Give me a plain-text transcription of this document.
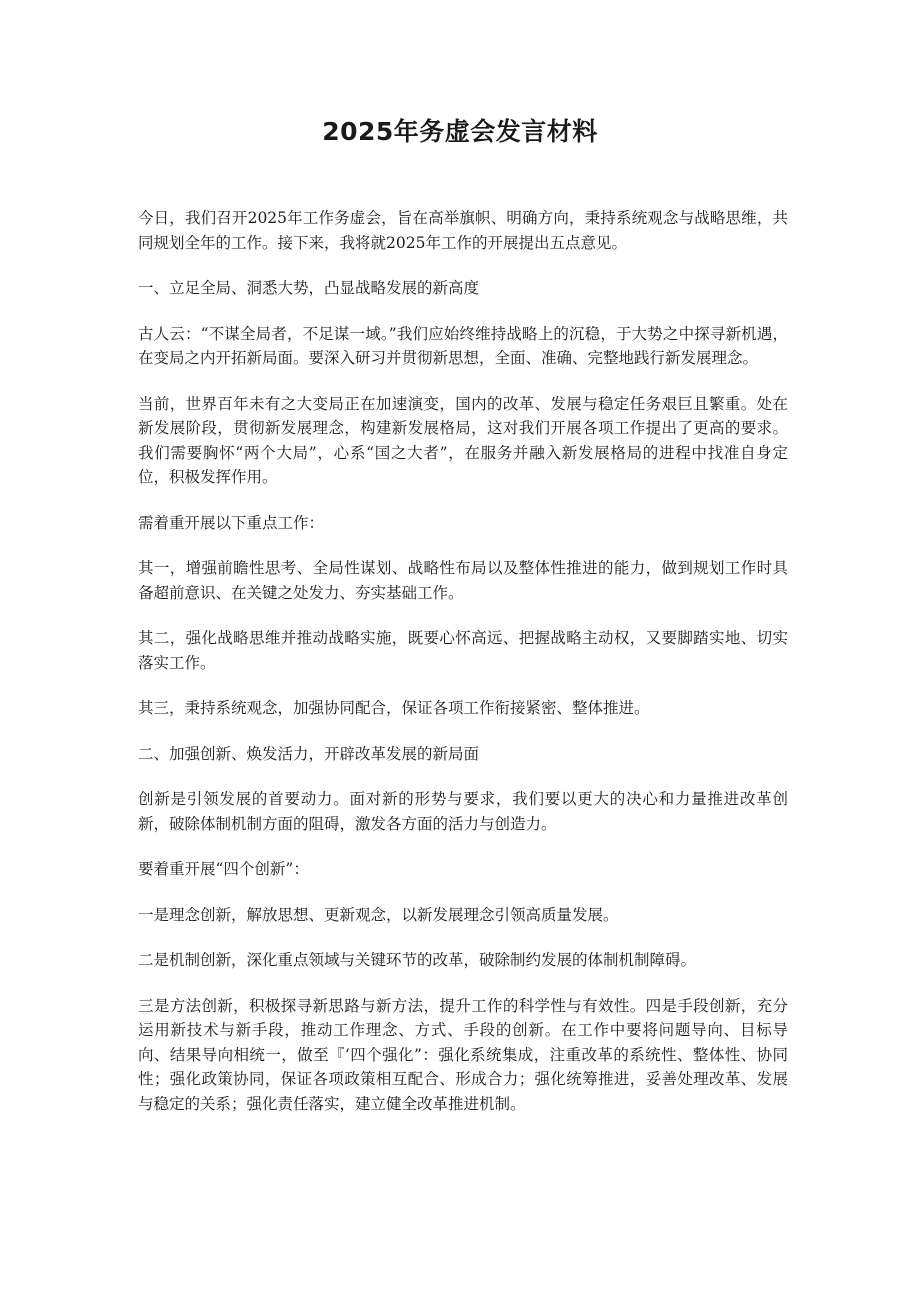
2025年务虚会发言材料

今日，我们召开2025年工作务虚会，旨在高举旗帜、明确方向，秉持系统观念与战略思维，共同规划全年的工作。接下来，我将就2025年工作的开展提出五点意见。

一、立足全局、洞悉大势，凸显战略发展的新高度

古人云：“不谋全局者，不足谋一域。”我们应始终维持战略上的沉稳，于大势之中探寻新机遇，在变局之内开拓新局面。要深入研习并贯彻新思想，全面、准确、完整地践行新发展理念。

当前，世界百年未有之大变局正在加速演变，国内的改革、发展与稳定任务艰巨且繁重。处在新发展阶段，贯彻新发展理念，构建新发展格局，这对我们开展各项工作提出了更高的要求。我们需要胸怀“两个大局”，心系“国之大者”，在服务并融入新发展格局的进程中找准自身定位，积极发挥作用。

需着重开展以下重点工作：

其一，增强前瞻性思考、全局性谋划、战略性布局以及整体性推进的能力，做到规划工作时具备超前意识、在关键之处发力、夯实基础工作。

其二，强化战略思维并推动战略实施，既要心怀高远、把握战略主动权，又要脚踏实地、切实落实工作。

其三，秉持系统观念，加强协同配合，保证各项工作衔接紧密、整体推进。

二、加强创新、焕发活力，开辟改革发展的新局面

创新是引领发展的首要动力。面对新的形势与要求，我们要以更大的决心和力量推进改革创新，破除体制机制方面的阻碍，激发各方面的活力与创造力。

要着重开展“四个创新”：

一是理念创新，解放思想、更新观念，以新发展理念引领高质量发展。

二是机制创新，深化重点领域与关键环节的改革，破除制约发展的体制机制障碍。

三是方法创新，积极探寻新思路与新方法，提升工作的科学性与有效性。四是手段创新，充分运用新技术与新手段，推动工作理念、方式、手段的创新。在工作中要将问题导向、目标导向、结果导向相统一，做至『‘四个强化”：强化系统集成，注重改革的系统性、整体性、协同性；强化政策协同，保证各项政策相互配合、形成合力；强化统筹推进，妥善处理改革、发展与稳定的关系；强化责任落实，建立健全改革推进机制。
